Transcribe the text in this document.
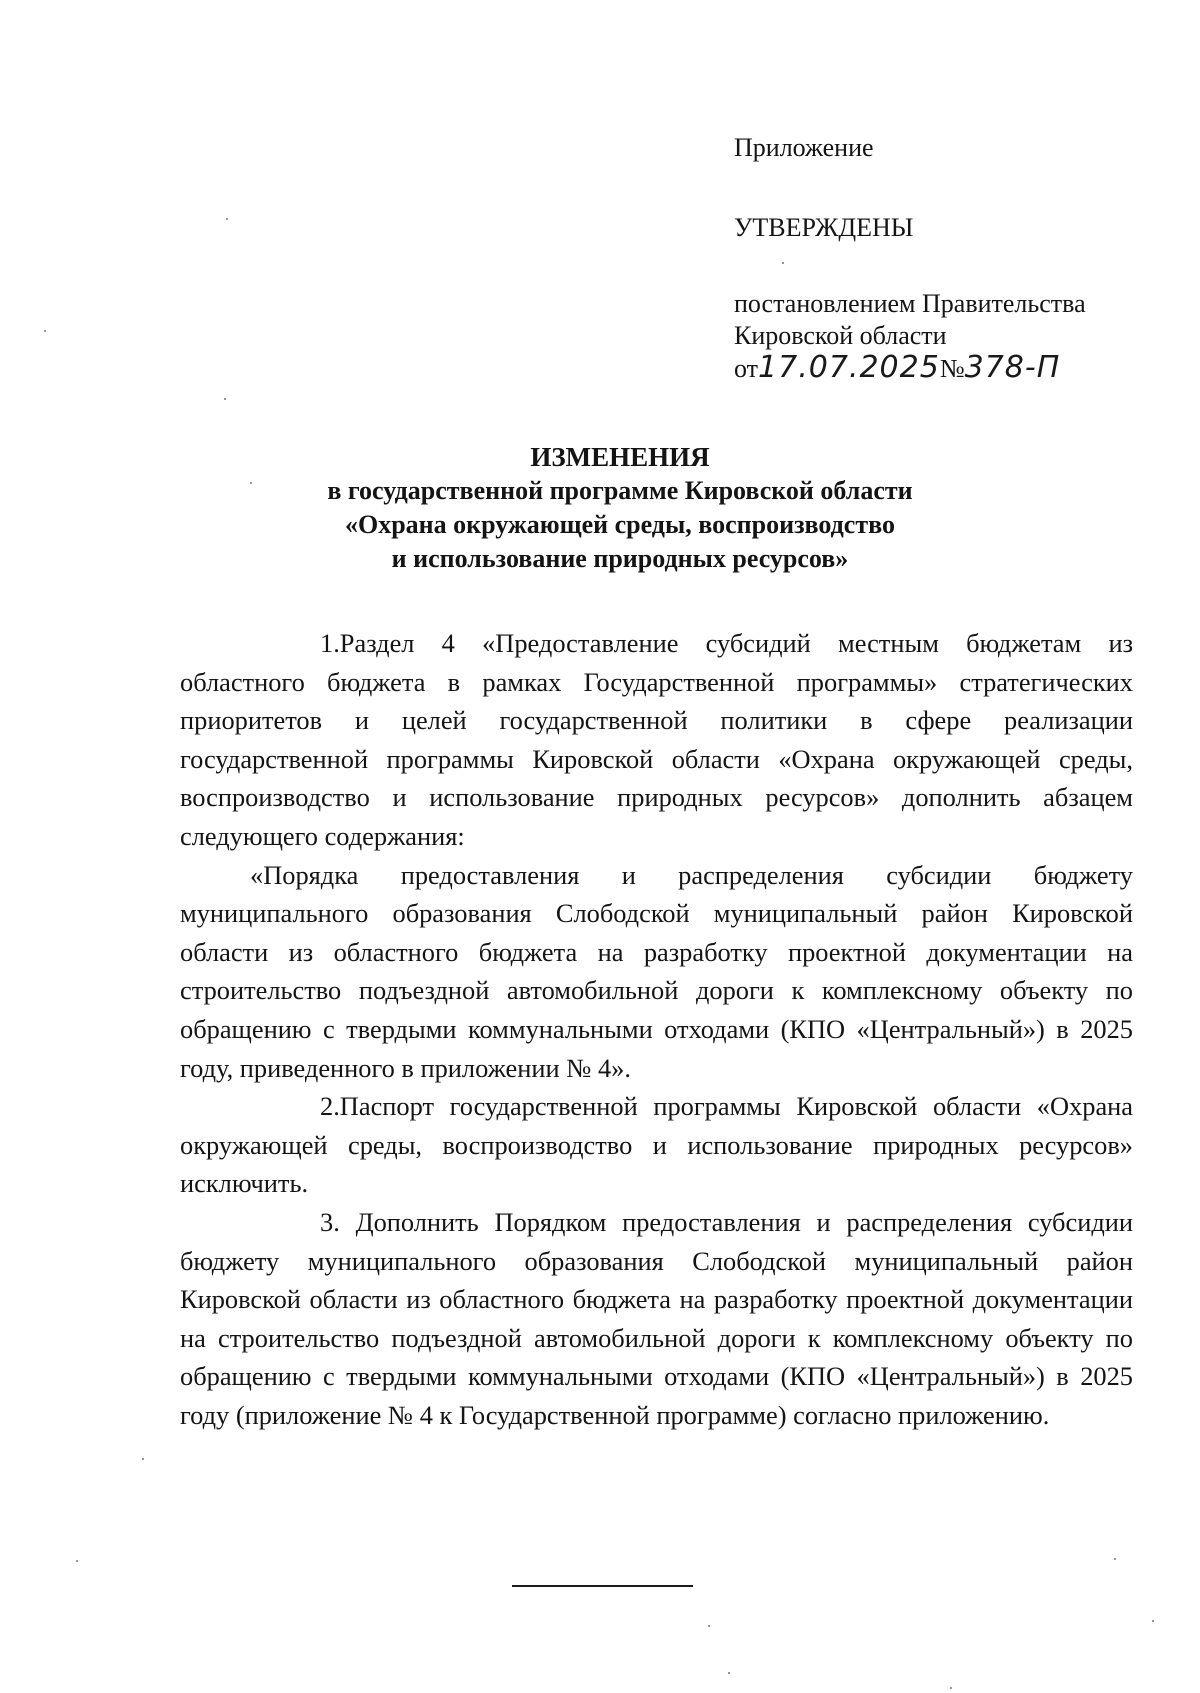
Приложение
УТВЕРЖДЕНЫ
постановлением Правительства
Кировской области
от17.07.2025№378-П
ИЗМЕНЕНИЯ
в государственной программе Кировской области
«Охрана окружающей среды, воспроизводство
и использование природных ресурсов»

1.Раздел 4 «Предоставление субсидий местным бюджетам из областного бюджета в рамках Государственной программы» стратегических приоритетов и целей государственной политики в сфере реализации государственной программы Кировской области «Охрана окружающей среды, воспроизводство и использование природных ресурсов» дополнить абзацем следующего содержания:

«Порядка предоставления и распределения субсидии бюджету муниципального образования Слободской муниципальный район Кировской области из областного бюджета на разработку проектной документации на строительство подъездной автомобильной дороги к комплексному объекту по обращению с твердыми коммунальными отходами (КПО «Центральный») в 2025 году, приведенного в приложении № 4».

2.Паспорт государственной программы Кировской области «Охрана окружающей среды, воспроизводство и использование природных ресурсов» исключить.

3. Дополнить Порядком предоставления и распределения субсидии бюджету муниципального образования Слободской муниципальный район Кировской области из областного бюджета на разработку проектной документации на строительство подъездной автомобильной дороги к комплексному объекту по обращению с твердыми коммунальными отходами (КПО «Центральный») в 2025 году (приложение № 4 к Государственной программе) согласно приложению.
